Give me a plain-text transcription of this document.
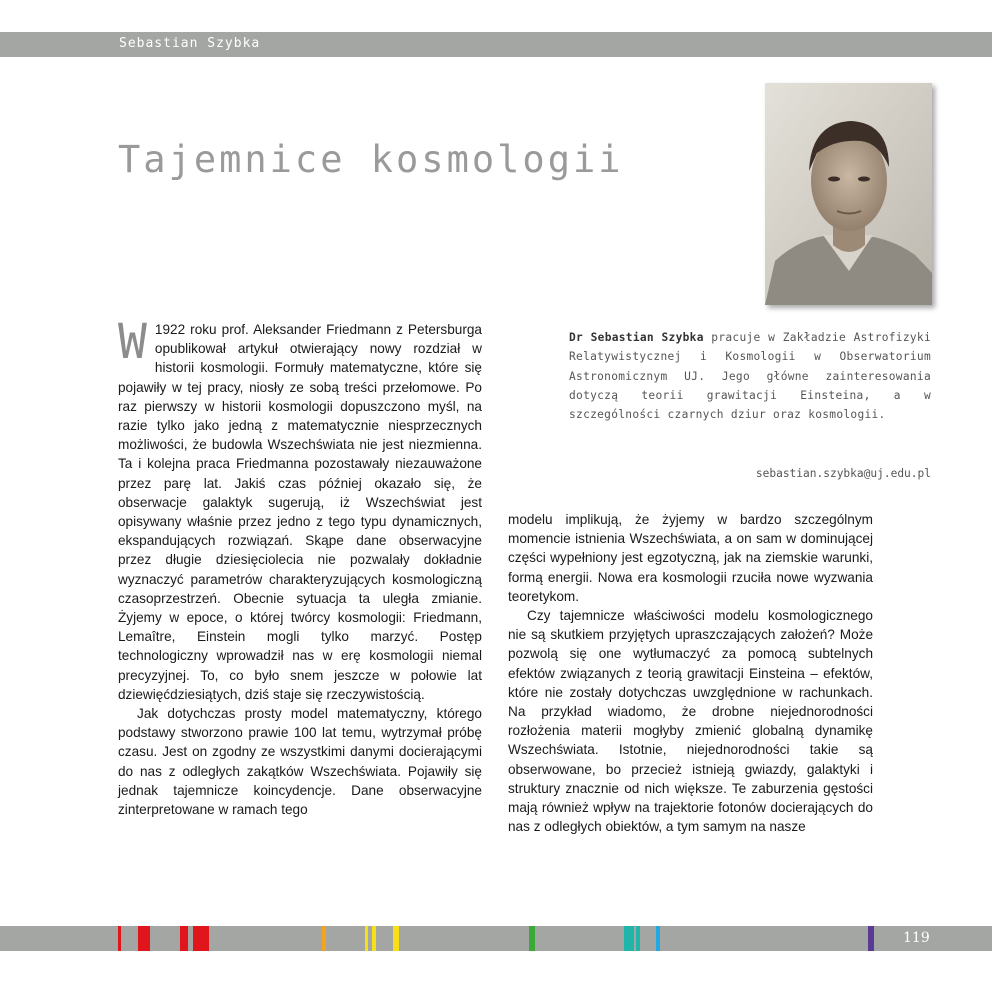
Sebastian Szybka
Tajemnice kosmologii

W 1922 roku prof. Aleksander Friedmann z Petersburga opublikował artykuł otwierający nowy rozdział w historii kosmologii. Formuły matematyczne, które się pojawiły w tej pracy, niosły ze sobą treści przełomowe. Po raz pierwszy w historii kosmologii dopuszczono myśl, na razie tylko jako jedną z matematycznie niesprzecznych możliwości, że budowla Wszechświata nie jest niezmienna. Ta i kolejna praca Friedmanna pozostawały niezauważone przez parę lat. Jakiś czas później okazało się, że obserwacje galaktyk sugerują, iż Wszechświat jest opisywany właśnie przez jedno z tego typu dynamicznych, ekspandujących rozwiązań. Skąpe dane obserwacyjne przez długie dziesięciolecia nie pozwalały dokładnie wyznaczyć parametrów charakteryzujących kosmologiczną czasoprzestrzeń. Obecnie sytuacja ta uległa zmianie. Żyjemy w epoce, o której twórcy kosmologii: Friedmann, Lemaître, Einstein mogli tylko marzyć. Postęp technologiczny wprowadził nas w erę kosmologii niemal precyzyjnej. To, co było snem jeszcze w połowie lat dziewięćdziesiątych, dziś staje się rzeczywistością.

Jak dotychczas prosty model matematyczny, którego podstawy stworzono prawie 100 lat temu, wytrzymał próbę czasu. Jest on zgodny ze wszystkimi danymi docierającymi do nas z odległych zakątków Wszechświata. Pojawiły się jednak tajemnicze koincydencje. Dane obserwacyjne zinterpretowane w ramach tego

Dr Sebastian Szybka pracuje w Zakładzie Astrofizyki Relatywistycznej i Kosmologii w Obserwatorium Astronomicznym UJ. Jego główne zainteresowania dotyczą teorii grawitacji Einsteina, a w szczególności czarnych dziur oraz kosmologii.
sebastian.szybka@uj.edu.pl

modelu implikują, że żyjemy w bardzo szczególnym momencie istnienia Wszechświata, a on sam w dominującej części wypełniony jest egzotyczną, jak na ziemskie warunki, formą energii. Nowa era kosmologii rzuciła nowe wyzwania teoretykom.

Czy tajemnicze właściwości modelu kosmologicznego nie są skutkiem przyjętych upraszczających założeń? Może pozwolą się one wytłumaczyć za pomocą subtelnych efektów związanych z teorią grawitacji Einsteina – efektów, które nie zostały dotychczas uwzględnione w rachunkach. Na przykład wiadomo, że drobne niejednorodności rozłożenia materii mogłyby zmienić globalną dynamikę Wszechświata. Istotnie, niejednorodności takie są obserwowane, bo przecież istnieją gwiazdy, galaktyki i struktury znacznie od nich większe. Te zaburzenia gęstości mają również wpływ na trajektorie fotonów docierających do nas z odległych obiektów, a tym samym na nasze

119
